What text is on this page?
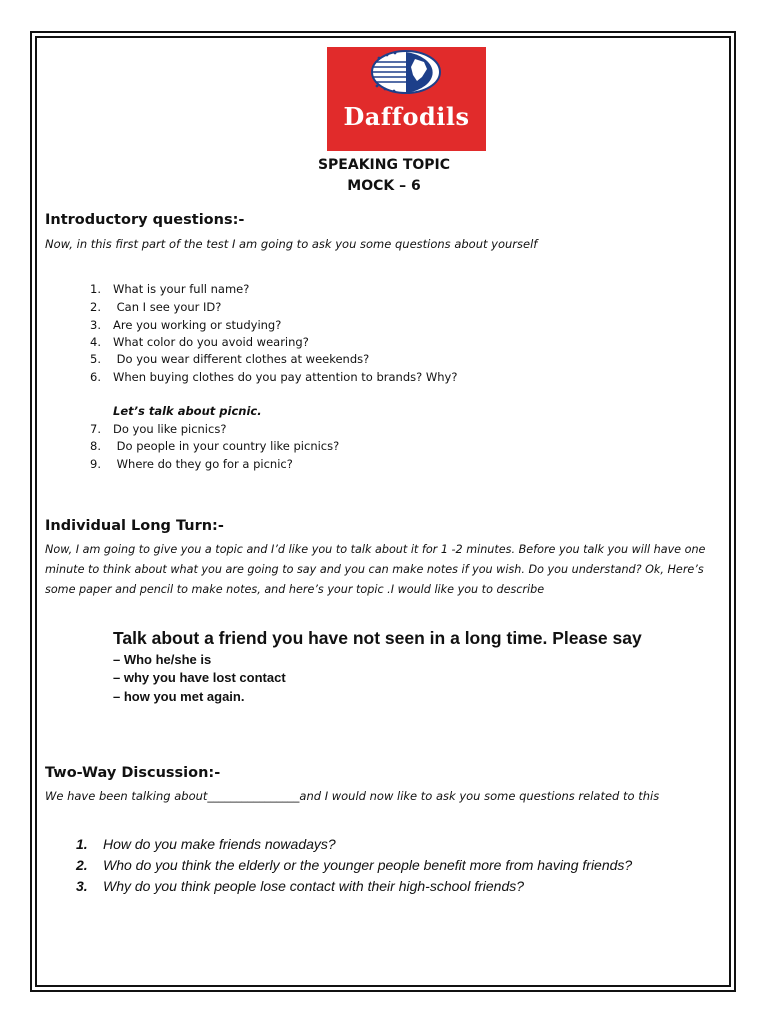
Daffodils
SPEAKING TOPIC
MOCK – 6
Introductory questions:-
Now, in this first part of the test I am going to ask you some questions about yourself
1. What is your full name?
2. Can I see your ID?
3. Are you working or studying?
4. What color do you avoid wearing?
5. Do you wear different clothes at weekends?
6. When buying clothes do you pay attention to brands? Why?
Let’s talk about picnic.
7. Do you like picnics?
8. Do people in your country like picnics?
9. Where do they go for a picnic?
Individual Long Turn:-
Now, I am going to give you a topic and I’d like you to talk about it for 1 -2 minutes. Before you talk you will have one
minute to think about what you are going to say and you can make notes if you wish. Do you understand? Ok, Here’s
some paper and pencil to make notes, and here’s your topic .I would like you to describe
Talk about a friend you have not seen in a long time. Please say
– Who he/she is
– why you have lost contact
– how you met again.
Two-Way Discussion:-
We have been talking about________________and I would now like to ask you some questions related to this
1. How do you make friends nowadays?
2. Who do you think the elderly or the younger people benefit more from having friends?
3. Why do you think people lose contact with their high-school friends?
